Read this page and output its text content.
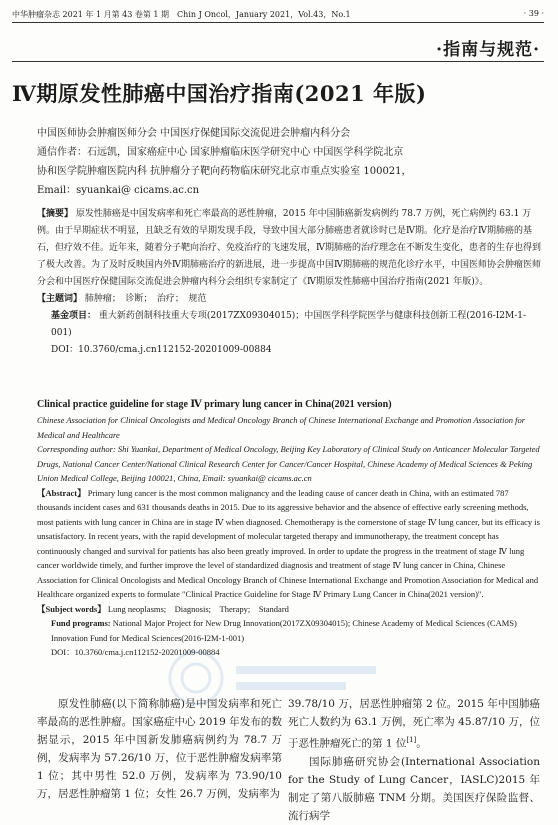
中华肿瘤杂志 2021 年 1 月第 43 卷第 1 期　Chin J Oncol，January 2021，Vol.43，No.1	· 39 ·
·指南与规范·
Ⅳ期原发性肺癌中国治疗指南(2021 年版)
中国医师协会肿瘤医师分会 中国医疗保健国际交流促进会肿瘤内科分会
通信作者：石远凯，国家癌症中心 国家肿瘤临床医学研究中心 中国医学科学院北京
协和医学院肿瘤医院内科 抗肿瘤分子靶向药物临床研究北京市重点实验室 100021，
Email：syuankai@ cicams.ac.cn

【摘要】 原发性肺癌是中国发病率和死亡率最高的恶性肿瘤，2015 年中国肺癌新发病例约 78.7 万例，死亡病例约 63.1 万例。由于早期症状不明显，且缺乏有效的早期发现手段，导致中国大部分肺癌患者就诊时已是Ⅳ期。化疗是治疗Ⅳ期肺癌的基石，但疗效不佳。近年来，随着分子靶向治疗、免疫治疗的飞速发展，Ⅳ期肺癌的治疗理念在不断发生变化，患者的生存也得到了极大改善。为了及时反映国内外Ⅳ期肺癌治疗的新进展，进一步提高中国Ⅳ期肺癌的规范化诊疗水平，中国医师协会肿瘤医师分会和中国医疗保健国际交流促进会肿瘤内科分会组织专家制定了《Ⅳ期原发性肺癌中国治疗指南(2021 年版)》。

【主题词】 肺肿瘤；　诊断；　治疗；　规范

基金项目： 重大新药创制科技重大专项(2017ZX09304015)；中国医学科学院医学与健康科技创新工程(2016-I2M-1-001)

DOI：10.3760/cma.j.cn112152-20201009-00884

Clinical practice guideline for stage Ⅳ primary lung cancer in China(2021 version)

Chinese Association for Clinical Oncologists and Medical Oncology Branch of Chinese International Exchange and Promotion Association for Medical and Healthcare

Corresponding author: Shi Yuankai, Department of Medical Oncology, Beijing Key Laboratory of Clinical Study on Anticancer Molecular Targeted Drugs, National Cancer Center/National Clinical Research Center for Cancer/Cancer Hospital, Chinese Academy of Medical Sciences & Peking Union Medical College, Beijing 100021, China, Email: syuankai@ cicams.ac.cn

【Abstract】 Primary lung cancer is the most common malignancy and the leading cause of cancer death in China, with an estimated 787 thousands incident cases and 631 thousands deaths in 2015. Due to its aggressive behavior and the absence of effective early screening methods, most patients with lung cancer in China are in stage Ⅳ when diagnosed. Chemotherapy is the cornerstone of stage Ⅳ lung cancer, but its efficacy is unsatisfactory. In recent years, with the rapid development of molecular targeted therapy and immunotherapy, the treatment concept has continuously changed and survival for patients has also been greatly improved. In order to update the progress in the treatment of stage Ⅳ lung cancer worldwide timely, and further improve the level of standardized diagnosis and treatment of stage Ⅳ lung cancer in China, Chinese Association for Clinical Oncologists and Medical Oncology Branch of Chinese International Exchange and Promotion Association for Medical and Healthcare organized experts to formulate "Clinical Practice Guideline for Stage Ⅳ Primary Lung Cancer in China(2021 version)".

【Subject words】 Lung neoplasms;　Diagnosis;　Therapy;　Standard

Fund programs: National Major Project for New Drug Innovation(2017ZX09304015); Chinese Academy of Medical Sciences (CAMS) Innovation Fund for Medical Sciences(2016-I2M-1-001)

DOI：10.3760/cma.j.cn112152-20201009-00884

原发性肺癌(以下简称肺癌)是中国发病率和死亡率最高的恶性肿瘤。国家癌症中心 2019 年发布的数据显示，2015 年中国新发肺癌病例约为 78.7 万例，发病率为 57.26/10 万，位于恶性肿瘤发病率第 1 位；其中男性 52.0 万例，发病率为 73.90/10 万，居恶性肿瘤第 1 位；女性 26.7 万例，发病率为

39.78/10 万，居恶性肿瘤第 2 位。2015 年中国肺癌死亡人数约为 63.1 万例，死亡率为 45.87/10 万，位于恶性肿瘤死亡的第 1 位[1]。

国际肺癌研究协会(International Association for the Study of Lung Cancer，IASLC)2015 年制定了第八版肺癌 TNM 分期。美国医疗保险监督、流行病学
